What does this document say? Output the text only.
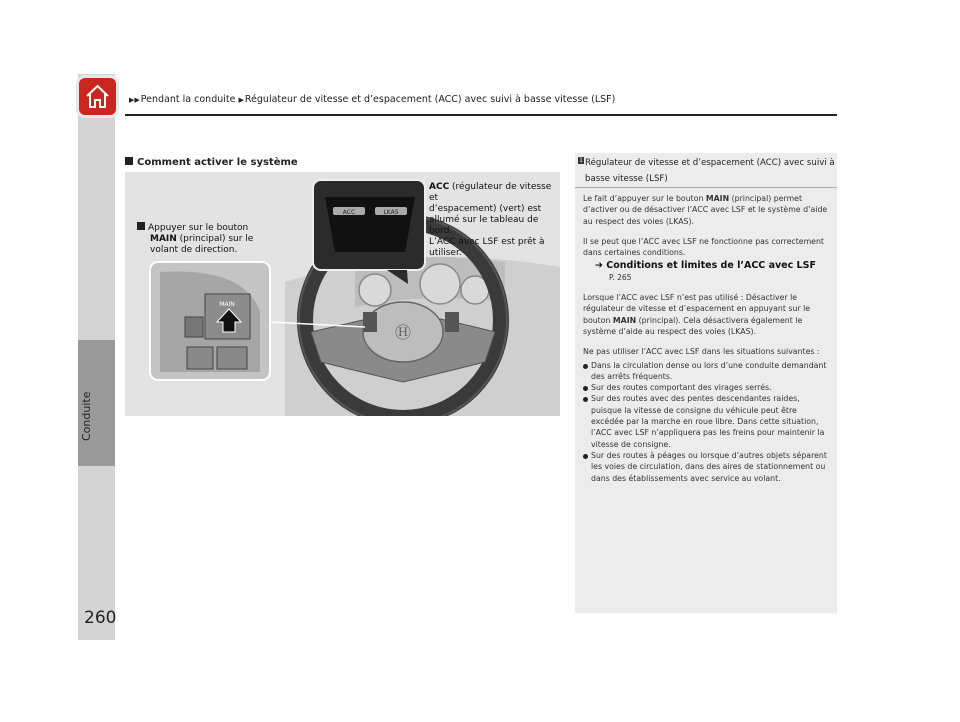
Conduite
▶▶Pendant la conduite ▶Régulateur de vitesse et d’espacement (ACC) avec suivi à basse vitesse (LSF)
Comment activer le système
Ⓗ
ACC	LKAS
MAIN
Appuyer sur le bouton
MAIN (principal) sur le
volant de direction.
ACC (régulateur de vitesse et
d’espacement) (vert) est
allumé sur le tableau de
bord.
L’ACC avec LSF est prêt à
utiliser.
1 Régulateur de vitesse et d’espacement (ACC) avec suivi à basse vitesse (LSF)

Le fait d’appuyer sur le bouton MAIN (principal) permet d’activer ou de désactiver l’ACC avec LSF et le système d’aide au respect des voies (LKAS).

Il se peut que l’ACC avec LSF ne fonctionne pas correctement dans certaines conditions.

➔ Conditions et limites de l’ACC avec LSF
P. 265

Lorsque l’ACC avec LSF n’est pas utilisé : Désactiver le régulateur de vitesse et d’espacement en appuyant sur le bouton MAIN (principal). Cela désactivera également le système d’aide au respect des voies (LKAS).

Ne pas utiliser l’ACC avec LSF dans les situations suivantes :

Dans la circulation dense ou lors d’une conduite demandant des arrêts fréquents.
Sur des routes comportant des virages serrés.
Sur des routes avec des pentes descendantes raides, puisque la vitesse de consigne du véhicule peut être excédée par la marche en roue libre. Dans cette situation, l’ACC avec LSF n’appliquera pas les freins pour maintenir la vitesse de consigne.
Sur des routes à péages ou lorsque d’autres objets séparent les voies de circulation, dans des aires de stationnement ou dans des établissements avec service au volant.
260
